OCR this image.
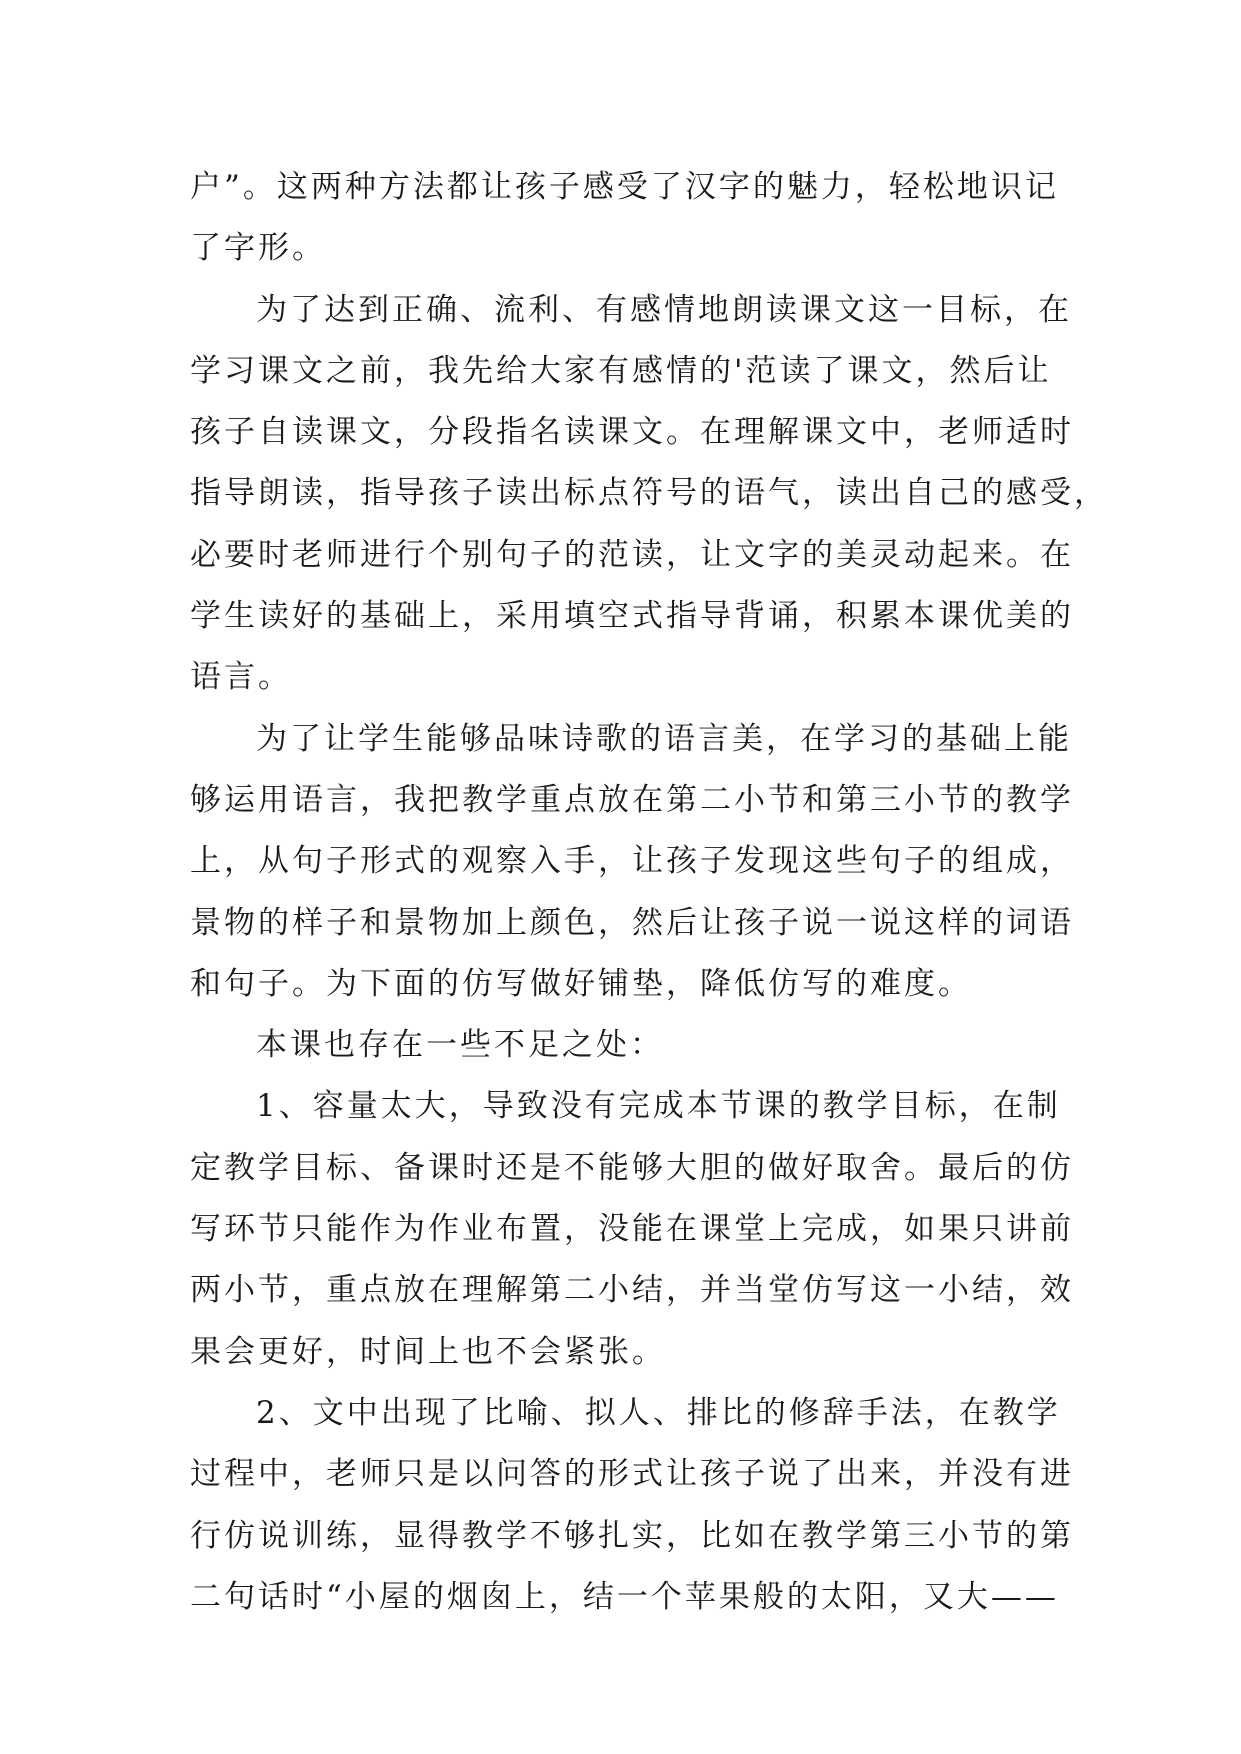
户”。这两种方法都让孩子感受了汉字的魅力，轻松地识记
了字形。
为了达到正确、流利、有感情地朗读课文这一目标，在
学习课文之前，我先给大家有感情的'范读了课文，然后让
孩子自读课文，分段指名读课文。在理解课文中，老师适时
指导朗读，指导孩子读出标点符号的语气，读出自己的感受，
必要时老师进行个别句子的范读，让文字的美灵动起来。在
学生读好的基础上，采用填空式指导背诵，积累本课优美的
语言。
为了让学生能够品味诗歌的语言美，在学习的基础上能
够运用语言，我把教学重点放在第二小节和第三小节的教学
上，从句子形式的观察入手，让孩子发现这些句子的组成，
景物的样子和景物加上颜色，然后让孩子说一说这样的词语
和句子。为下面的仿写做好铺垫，降低仿写的难度。
本课也存在一些不足之处：
1、容量太大，导致没有完成本节课的教学目标，在制
定教学目标、备课时还是不能够大胆的做好取舍。最后的仿
写环节只能作为作业布置，没能在课堂上完成，如果只讲前
两小节，重点放在理解第二小结，并当堂仿写这一小结，效
果会更好，时间上也不会紧张。
2、文中出现了比喻、拟人、排比的修辞手法，在教学
过程中，老师只是以问答的形式让孩子说了出来，并没有进
行仿说训练，显得教学不够扎实，比如在教学第三小节的第
二句话时“小屋的烟囱上，结一个苹果般的太阳，又大——
